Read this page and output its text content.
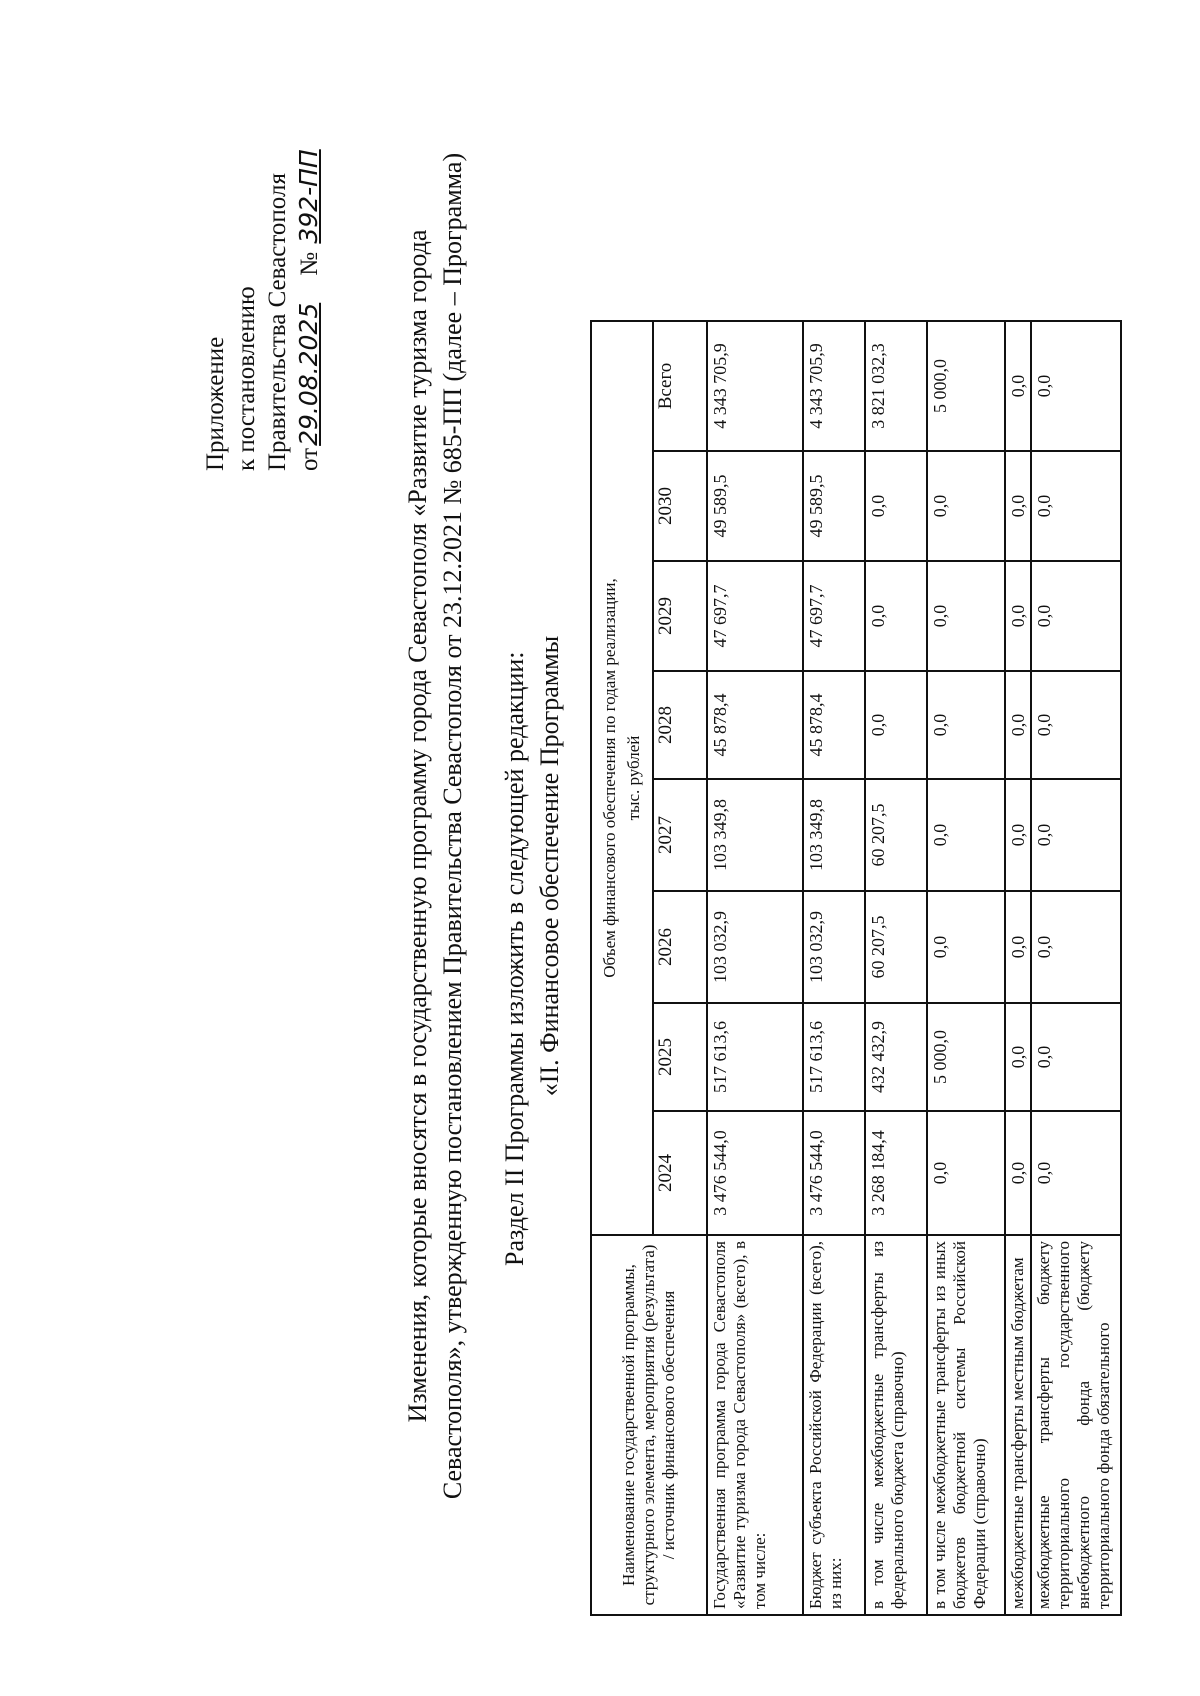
Приложение к постановлению Правительства Севастополя от29.08.2025    № 392-ПП
Изменения, которые вносятся в государственную программу города Севастополя «Развитие туризма города Севастополя», утвержденную постановлением Правительства Севастополя от 23.12.2021 № 685-ПП (далее – Программа) Раздел II Программы изложить в следующей редакции: «II. Финансовое обеспечение Программы
Наименование государственной программы, структурного элемента, мероприятия (результата) / источник финансового обеспечения	Объем финансового обеспечения по годам реализации, тыс. рублей							

	2024	2025	2026	2027	2028	2029	2030	Всего
Государственная программа города Севастополя «Развитие туризма города Севастополя» (всего), в том числе:	3 476 544,0	517 613,6	103 032,9	103 349,8	45 878,4	47 697,7	49 589,5	4 343 705,9
Бюджет субъекта Российской Федерации (всего), из них:	3 476 544,0	517 613,6	103 032,9	103 349,8	45 878,4	47 697,7	49 589,5	4 343 705,9
в том числе межбюджетные трансферты из федерального бюджета (справочно)	3 268 184,4	432 432,9	60 207,5	60 207,5	0,0	0,0	0,0	3 821 032,3
в том числе межбюджетные трансферты из иных бюджетов бюджетной системы Российской Федерации (справочно)	0,0	5 000,0	0,0	0,0	0,0	0,0	0,0	5 000,0
межбюджетные трансферты местным бюджетам	0,0	0,0	0,0	0,0	0,0	0,0	0,0	0,0
межбюджетные трансферты бюджету территориального государственного внебюджетного фонда (бюджету территориального фонда обязательного	0,0	0,0	0,0	0,0	0,0	0,0	0,0	0,0
